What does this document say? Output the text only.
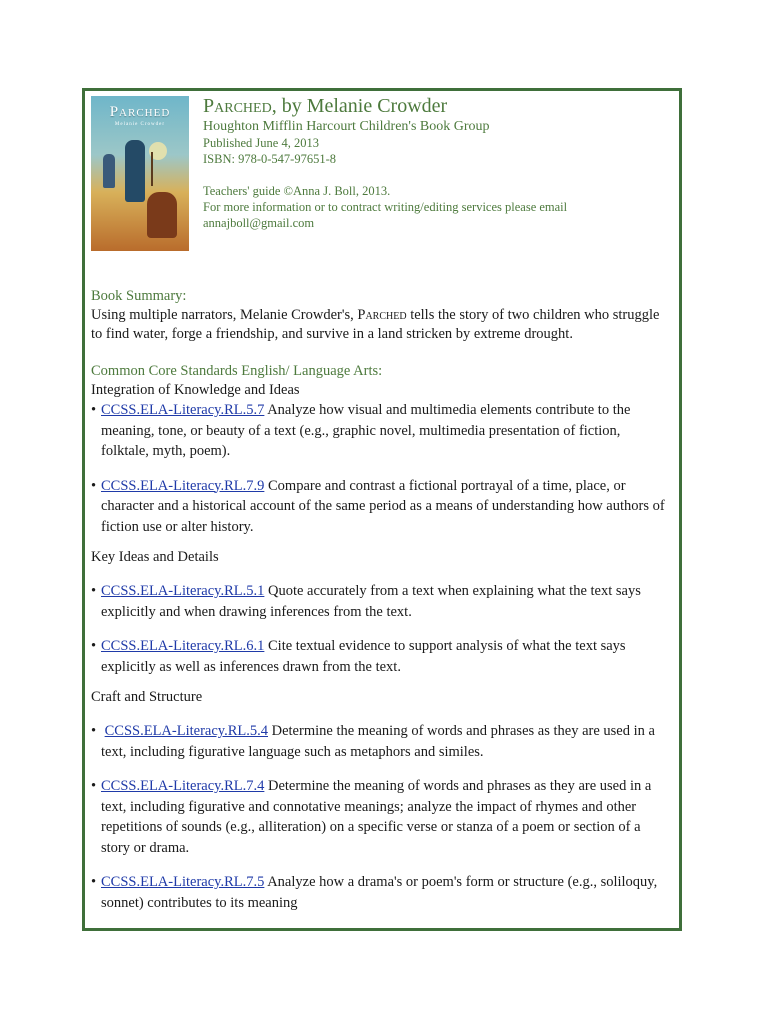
Parched
Melanie Crowder
Parched, by Melanie Crowder

Houghton Mifflin Harcourt Children's Book Group

Published June 4, 2013

ISBN: 978-0-547-97651-8

Teachers' guide ©Anna J. Boll, 2013.

For more information or to contract writing/editing services please email

annajboll@gmail.com

Book Summary:

Using multiple narrators, Melanie Crowder's, Parched tells the story of two children who struggle to find water, forge a friendship, and survive in a land stricken by extreme drought.

Common Core Standards English/ Language Arts:

Integration of Knowledge and Ideas

• CCSS.ELA-Literacy.RL.5.7 Analyze how visual and multimedia elements contribute to the meaning, tone, or beauty of a text (e.g., graphic novel, multimedia presentation of fiction, folktale, myth, poem).

• CCSS.ELA-Literacy.RL.7.9 Compare and contrast a fictional portrayal of a time, place, or character and a historical account of the same period as a means of understanding how authors of fiction use or alter history.

Key Ideas and Details

• CCSS.ELA-Literacy.RL.5.1 Quote accurately from a text when explaining what the text says explicitly and when drawing inferences from the text.

• CCSS.ELA-Literacy.RL.6.1 Cite textual evidence to support analysis of what the text says explicitly as well as inferences drawn from the text.

Craft and Structure

• CCSS.ELA-Literacy.RL.5.4 Determine the meaning of words and phrases as they are used in a text, including figurative language such as metaphors and similes.

• CCSS.ELA-Literacy.RL.7.4 Determine the meaning of words and phrases as they are used in a text, including figurative and connotative meanings; analyze the impact of rhymes and other repetitions of sounds (e.g., alliteration) on a specific verse or stanza of a poem or section of a story or drama.

• CCSS.ELA-Literacy.RL.7.5 Analyze how a drama's or poem's form or structure (e.g., soliloquy, sonnet) contributes to its meaning
